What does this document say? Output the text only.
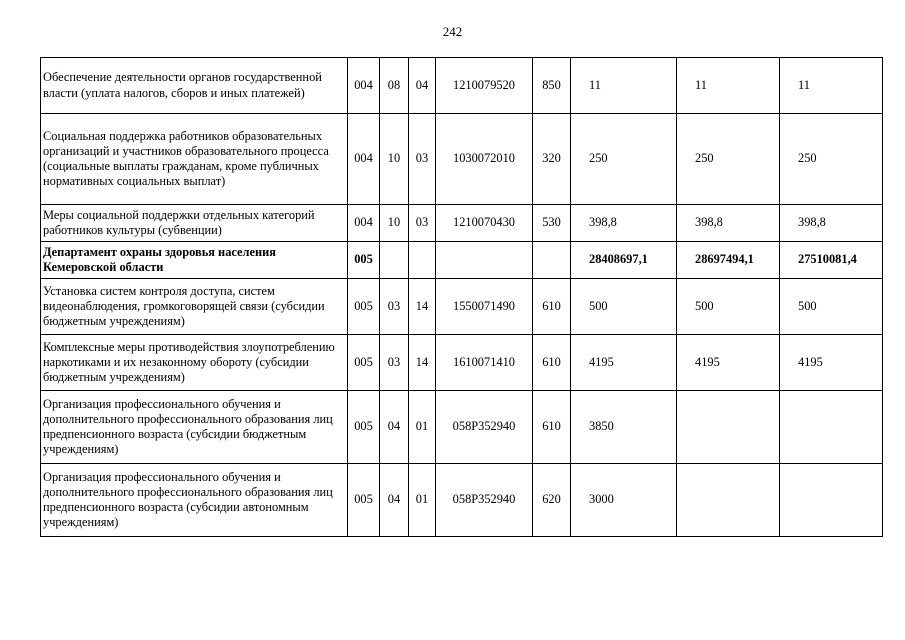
242
Обеспечение деятельности органов государственной власти (уплата налогов, сборов и иных платежей)	004	08	04	1210079520	850	11	11	11
Социальная поддержка работников образовательных организаций и участников образовательного процесса (социальные выплаты гражданам, кроме публичных нормативных социальных выплат)	004	10	03	1030072010	320	250	250	250
Меры социальной поддержки отдельных категорий работников культуры (субвенции)	004	10	03	1210070430	530	398,8	398,8	398,8
Департамент охраны здоровья населения Кемеровской области	005					28408697,1	28697494,1	27510081,4
Установка систем контроля доступа, систем видеонаблюдения, громкоговорящей связи (субсидии бюджетным учреждениям)	005	03	14	1550071490	610	500	500	500
Комплексные меры противодействия злоупотреблению наркотиками и их незаконному обороту (субсидии бюджетным учреждениям)	005	03	14	1610071410	610	4195	4195	4195
Организация профессионального обучения и дополнительного профессионального образования лиц предпенсионного возраста (субсидии бюджетным учреждениям)	005	04	01	058P352940	610	3850		
Организация профессионального обучения и дополнительного профессионального образования лиц предпенсионного возраста (субсидии автономным учреждениям)	005	04	01	058P352940	620	3000		
